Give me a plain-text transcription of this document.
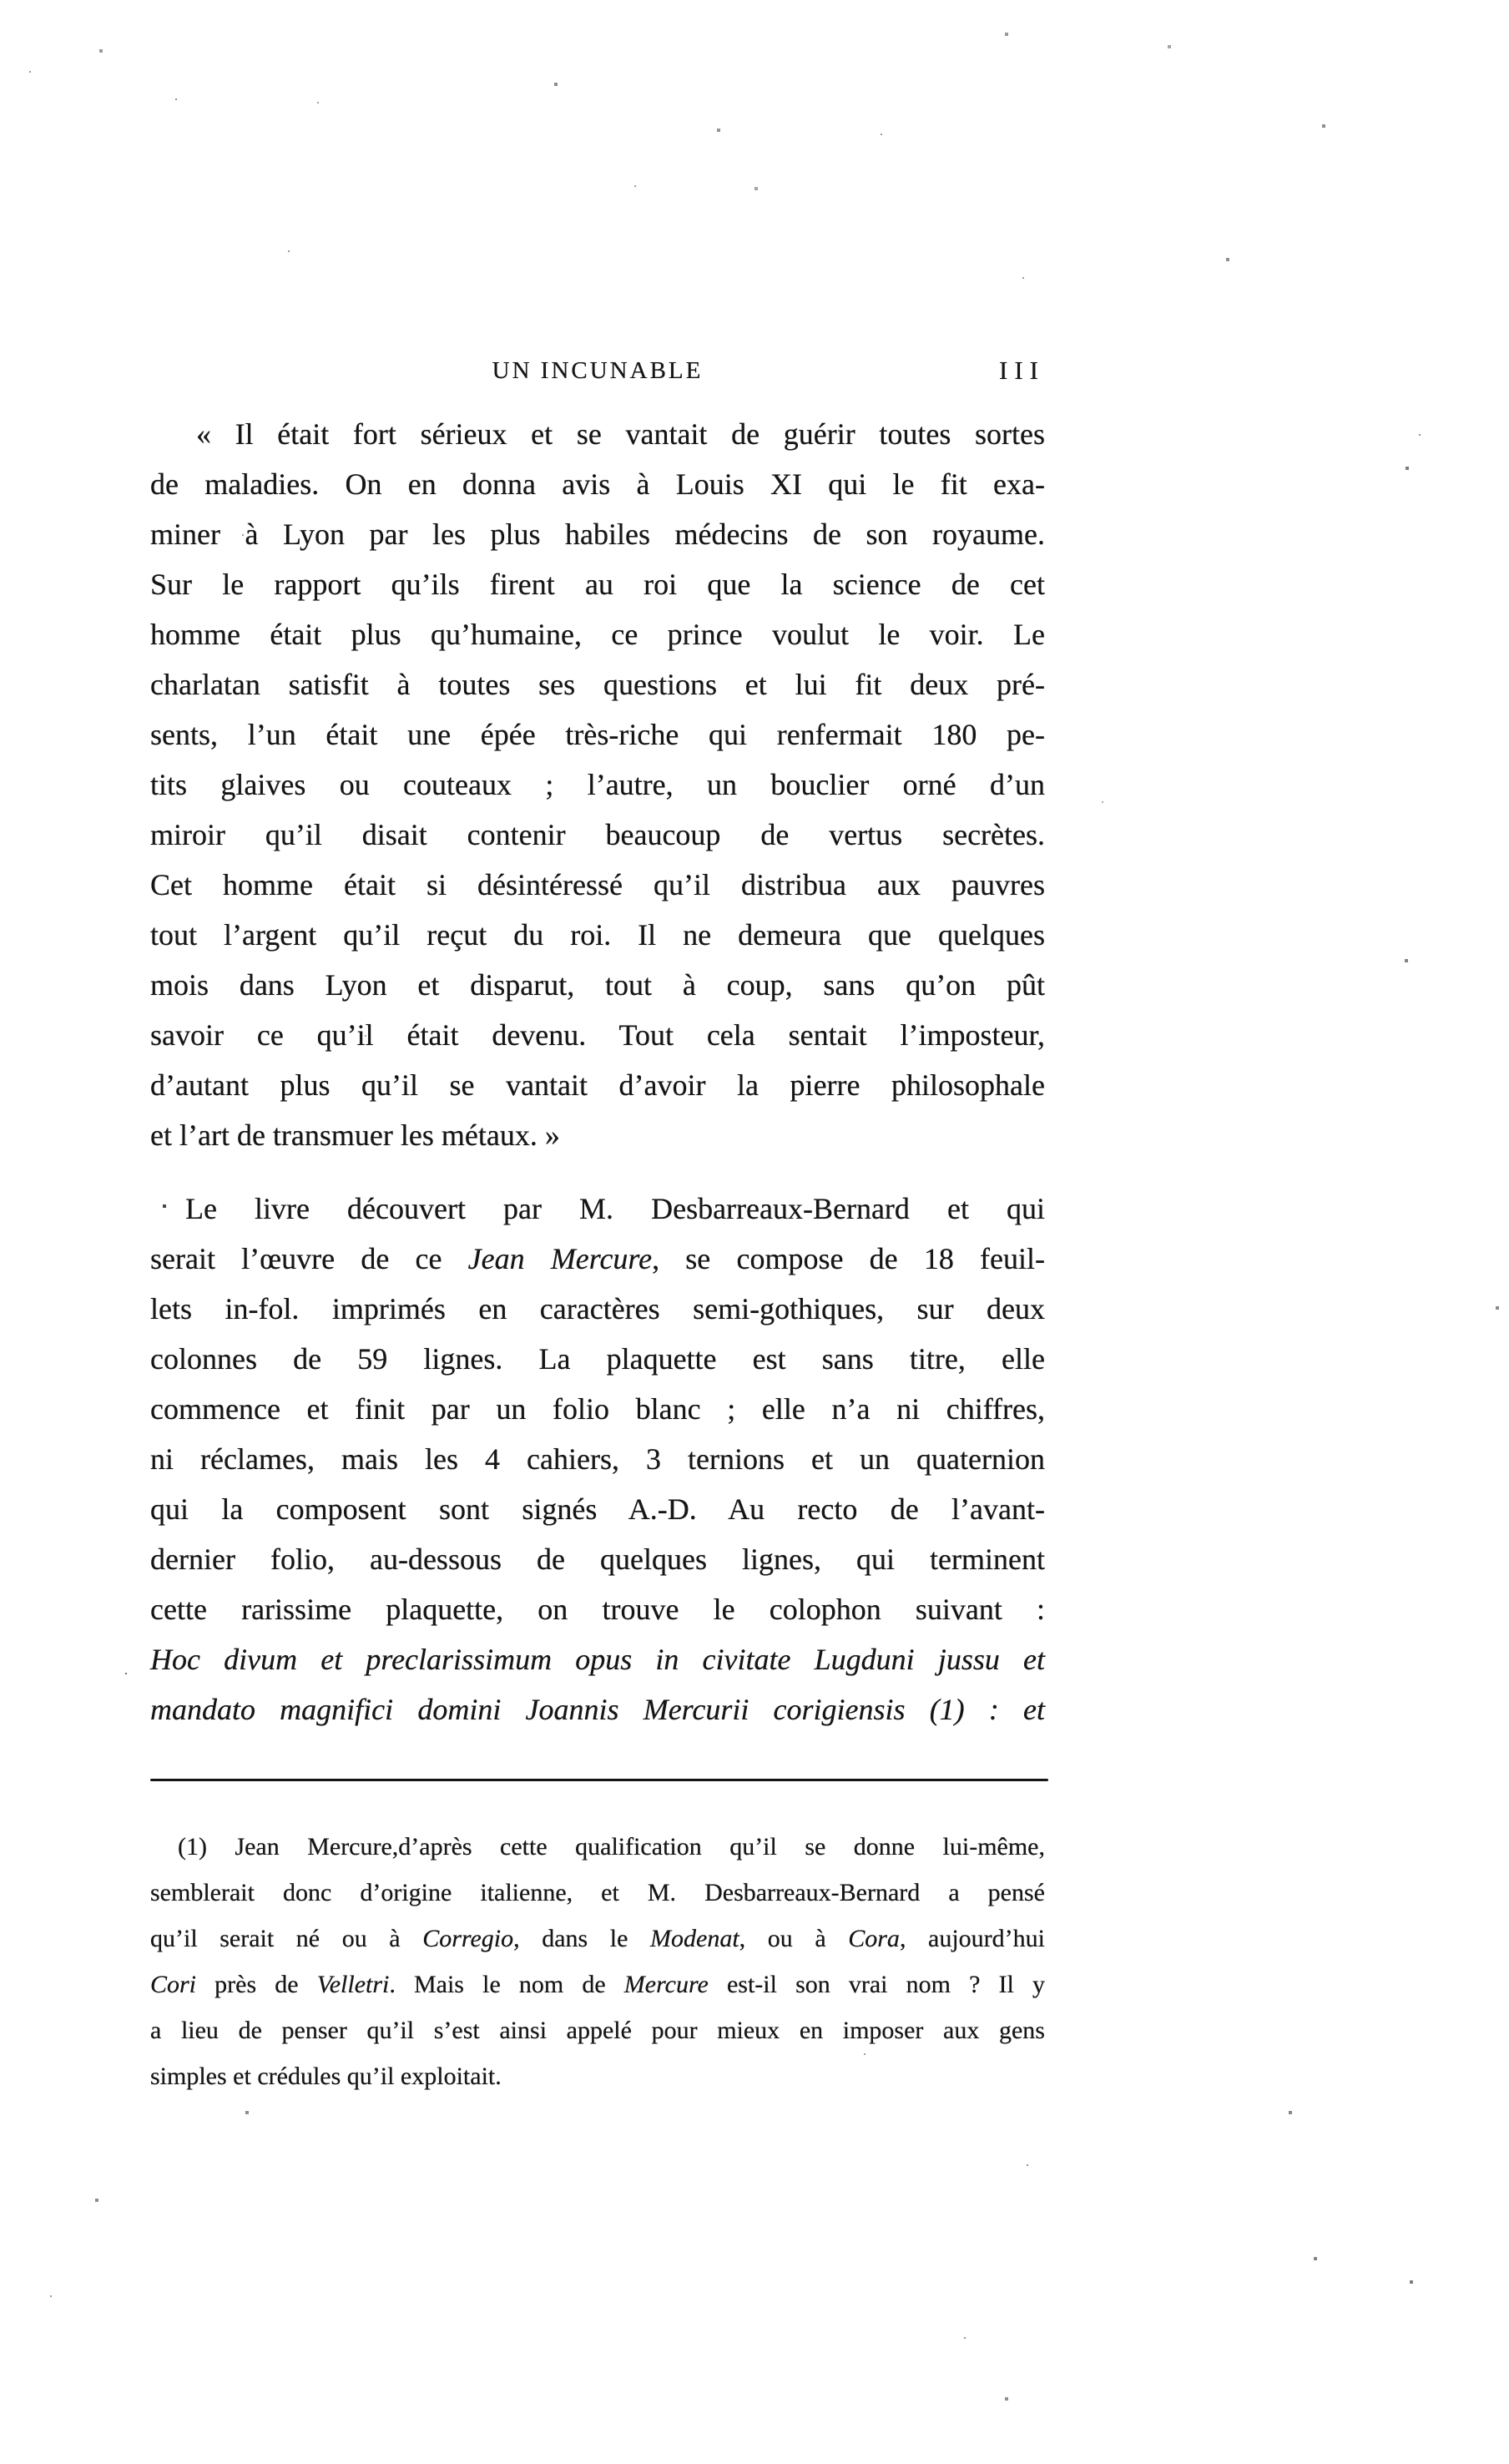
UN INCUNABLE	III
« Il était fort sérieux et se vantait de guérir toutes sortes
de maladies. On en donna avis à Louis XI qui le fit exa-
miner à Lyon par les plus habiles médecins de son royaume.
Sur le rapport qu’ils firent au roi que la science de cet
homme était plus qu’humaine, ce prince voulut le voir. Le
charlatan satisfit à toutes ses questions et lui fit deux pré-
sents, l’un était une épée très-riche qui renfermait 180 pe-
tits glaives ou couteaux ; l’autre, un bouclier orné d’un
miroir qu’il disait contenir beaucoup de vertus secrètes.
Cet homme était si désintéressé qu’il distribua aux pauvres
tout l’argent qu’il reçut du roi. Il ne demeura que quelques
mois dans Lyon et disparut, tout à coup, sans qu’on pût
savoir ce qu’il était devenu. Tout cela sentait l’imposteur,
d’autant plus qu’il se vantait d’avoir la pierre philosophale
et l’art de transmuer les métaux. »
Le livre découvert par M. Desbarreaux-Bernard et qui
serait l’œuvre de ce Jean Mercure, se compose de 18 feuil-
lets in-fol. imprimés en caractères semi-gothiques, sur deux
colonnes de 59 lignes. La plaquette est sans titre, elle
commence et finit par un folio blanc ; elle n’a ni chiffres,
ni réclames, mais les 4 cahiers, 3 ternions et un quaternion
qui la composent sont signés A.-D. Au recto de l’avant-
dernier folio, au-dessous de quelques lignes, qui terminent
cette rarissime plaquette, on trouve le colophon suivant :
Hoc divum et preclarissimum opus in civitate Lugduni jussu et
mandato magnifici domini Joannis Mercurii corigiensis (1) : et
(1) Jean Mercure,d’après cette qualification qu’il se donne lui-même,
semblerait donc d’origine italienne, et M. Desbarreaux-Bernard a pensé
qu’il serait né ou à Corregio, dans le Modenat, ou à Cora, aujourd’hui
Cori près de Velletri. Mais le nom de Mercure est-il son vrai nom ? Il y
a lieu de penser qu’il s’est ainsi appelé pour mieux en imposer aux gens
simples et crédules qu’il exploitait.
